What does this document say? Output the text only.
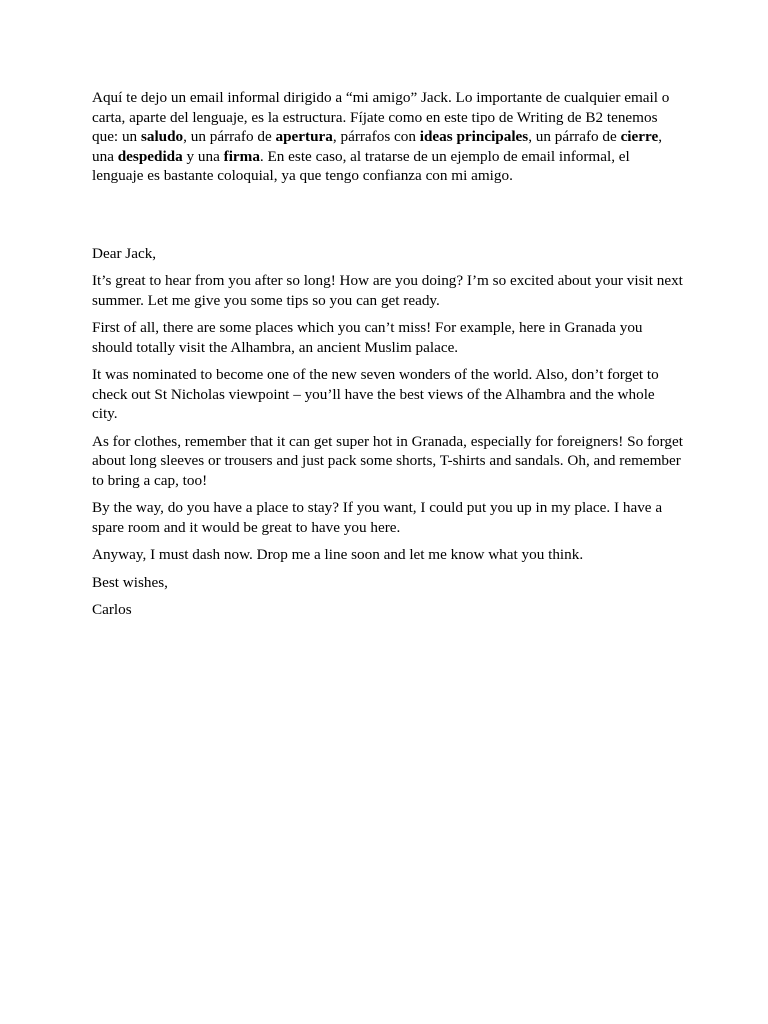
Aquí te dejo un email informal dirigido a “mi amigo” Jack. Lo importante de cualquier email o carta, aparte del lenguaje, es la estructura. Fíjate como en este tipo de Writing de B2 tenemos que: un saludo, un párrafo de apertura, párrafos con ideas principales, un párrafo de cierre, una despedida y una firma. En este caso, al tratarse de un ejemplo de email informal, el lenguaje es bastante coloquial, ya que tengo confianza con mi amigo.

Dear Jack,

It’s great to hear from you after so long! How are you doing? I’m so excited about your visit next summer. Let me give you some tips so you can get ready.

First of all, there are some places which you can’t miss! For example, here in Granada you should totally visit the Alhambra, an ancient Muslim palace.

It was nominated to become one of the new seven wonders of the world. Also, don’t forget to check out St Nicholas viewpoint – you’ll have the best views of the Alhambra and the whole city.

As for clothes, remember that it can get super hot in Granada, especially for foreigners! So forget about long sleeves or trousers and just pack some shorts, T-shirts and sandals. Oh, and remember to bring a cap, too!

By the way, do you have a place to stay? If you want, I could put you up in my place. I have a spare room and it would be great to have you here.

Anyway, I must dash now. Drop me a line soon and let me know what you think.

Best wishes,

Carlos
